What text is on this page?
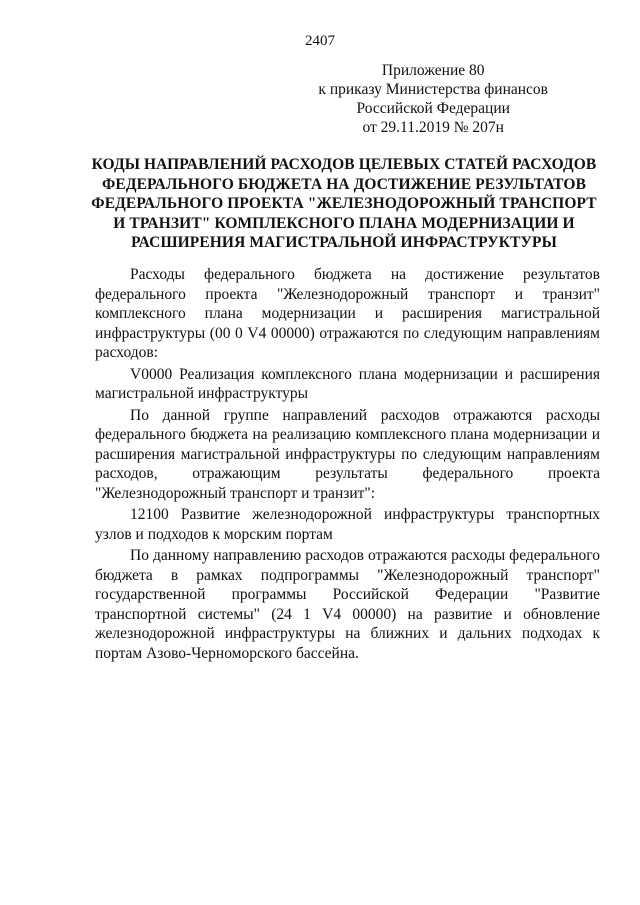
2407
Приложение 80
к приказу Министерства финансов
Российской Федерации
от 29.11.2019 № 207н
КОДЫ НАПРАВЛЕНИЙ РАСХОДОВ ЦЕЛЕВЫХ СТАТЕЙ РАСХОДОВ
ФЕДЕРАЛЬНОГО БЮДЖЕТА НА ДОСТИЖЕНИЕ РЕЗУЛЬТАТОВ
ФЕДЕРАЛЬНОГО ПРОЕКТА "ЖЕЛЕЗНОДОРОЖНЫЙ ТРАНСПОРТ
И ТРАНЗИТ" КОМПЛЕКСНОГО ПЛАНА МОДЕРНИЗАЦИИ И
РАСШИРЕНИЯ МАГИСТРАЛЬНОЙ ИНФРАСТРУКТУРЫ

Расходы федерального бюджета на достижение результатов федерального проекта "Железнодорожный транспорт и транзит" комплексного плана модернизации и расширения магистральной инфраструктуры (00 0 V4 00000) отражаются по следующим направлениям расходов:

V0000 Реализация комплексного плана модернизации и расширения магистральной инфраструктуры

По данной группе направлений расходов отражаются расходы федерального бюджета на реализацию комплексного плана модернизации и расширения магистральной инфраструктуры по следующим направлениям расходов, отражающим результаты федерального проекта "Железнодорожный транспорт и транзит":

12100 Развитие железнодорожной инфраструктуры транспортных узлов и подходов к морским портам

По данному направлению расходов отражаются расходы федерального бюджета в рамках подпрограммы "Железнодорожный транспорт" государственной программы Российской Федерации "Развитие транспортной системы" (24 1 V4 00000) на развитие и обновление железнодорожной инфраструктуры на ближних и дальних подходах к портам Азово-Черноморского бассейна.
